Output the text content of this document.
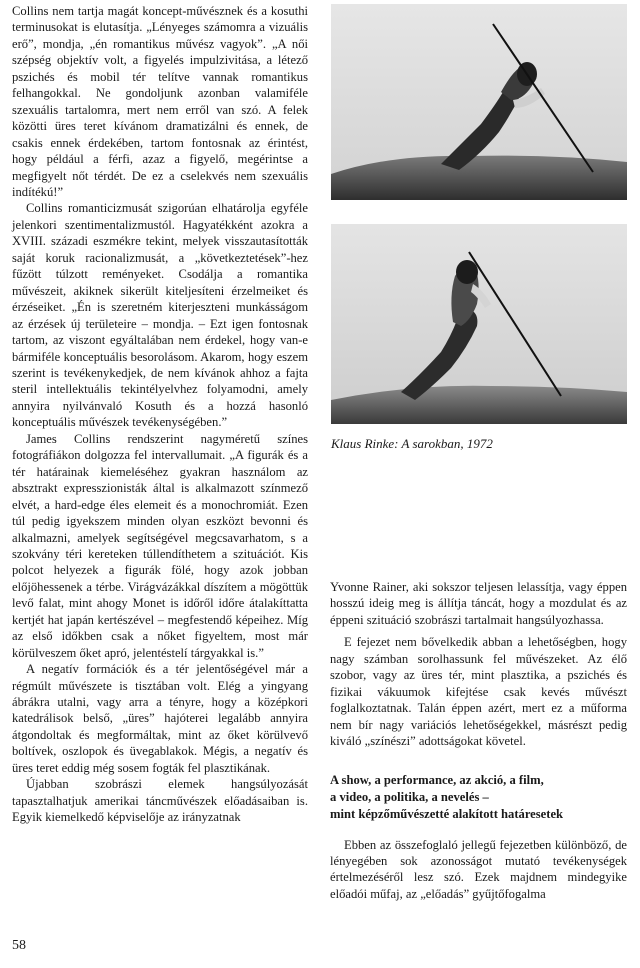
Collins nem tartja magát koncept-művésznek és a kosuthi terminusokat is elutasítja. „Lényeges számomra a vizuális erő”, mondja, „én romantikus művész vagyok”. „A női szépség objektív volt, a figyelés impulzivitása, a létező pszichés és mobil tér telítve vannak romantikus felhangokkal. Ne gondoljunk azonban valamiféle szexuális tartalomra, mert nem erről van szó. A felek közötti üres teret kívánom dramatizálni és ennek, de csakis ennek érdekében, tartom fontosnak az érintést, hogy például a férfi, azaz a figyelő, megérintse a megfigyelt nőt térdét. De ez a cselekvés nem szexuális indítékú!”

Collins romanticizmusát szigorúan elhatárolja egyféle jelenkori szentimentalizmustól. Hagyatékként azokra a XVIII. századi eszmékre tekint, melyek visszautasították saját koruk racionalizmusát, a „következtetések”-hez fűzött túlzott reményeket. Csodálja a romantika művészeit, akiknek sikerült kiteljesíteni érzelmeiket és érzéseiket. „Én is szeretném kiterjeszteni munkásságom az érzések új területeire – mondja. – Ezt igen fontosnak tartom, az viszont egyáltalában nem érdekel, hogy van-e bármiféle konceptuális besorolásom. Akarom, hogy eszem szerint is tevékenykedjek, de nem kívánok ahhoz a fajta steril intellektuális tekintélyelvhez folyamodni, amely annyira nyilvánvaló Kosuth és a hozzá hasonló konceptuális művészek tevékenységében.”

James Collins rendszerint nagyméretű színes fotográfiákon dolgozza fel intervallumait. „A figurák és a tér határainak kiemeléséhez gyakran használom az absztrakt expresszionisták által is alkalmazott színmező elvét, a hard-edge éles elemeit és a monochromiát. Ezen túl pedig igyekszem minden olyan eszközt bevonni és alkalmazni, amelyek segítségével megcsavarhatom, s a szokvány téri kereteken túllendíthetem a szituációt. Kis polcot helyezek a figurák fölé, hogy azok jobban előjöhessenek a térbe. Virágvázákkal díszítem a mögöttük levő falat, mint ahogy Monet is időről időre átalakíttatta kertjét hat japán kertészével – megfestendő képeihez. Míg az első időkben csak a nőket figyeltem, most már körülveszem őket apró, jelentéstelí tárgyakkal is.”

A negatív formációk és a tér jelentőségével már a régmúlt művészete is tisztában volt. Elég a yingyang ábrákra utalni, vagy arra a tényre, hogy a középkori katedrálisok belső, „üres” hajóterei legalább annyira átgondoltak és megformáltak, mint az őket körülvevő boltívek, oszlopok és üvegablakok. Mégis, a negatív és üres teret eddig még sosem fogták fel plasztikának.

Újabban szobrászi elemek hangsúlyozását tapasztalhatjuk amerikai táncművészek előadásaiban is. Egyik kiemelkedő képviselője az irányzatnak

Klaus Rinke: A sarokban, 1972

Yvonne Rainer, aki sokszor teljesen lelassítja, vagy éppen hosszú ideig meg is állítja táncát, hogy a mozdulat és az éppeni szituáció szobrászi tartalmait hangsúlyozhassa.

E fejezet nem bővelkedik abban a lehetőségben, hogy nagy számban sorolhassunk fel művészeket. Az élő szobor, vagy az üres tér, mint plasztika, a pszichés és fizikai vákuumok kifejtése csak kevés művészt foglalkoztatnak. Talán éppen azért, mert ez a műforma nem bír nagy variációs lehetőségekkel, másrészt pedig kiváló „színészi” adottságokat követel.

A show, a performance, az akció, a film,
a video, a politika, a nevelés –
mint képzőművészetté alakított határesetek

Ebben az összefoglaló jellegű fejezetben különböző, de lényegében sok azonosságot mutató tevékenységek értelmezéséről lesz szó. Ezek majdnem mindegyike előadói műfaj, az „előadás” gyűjtőfogalma

58
